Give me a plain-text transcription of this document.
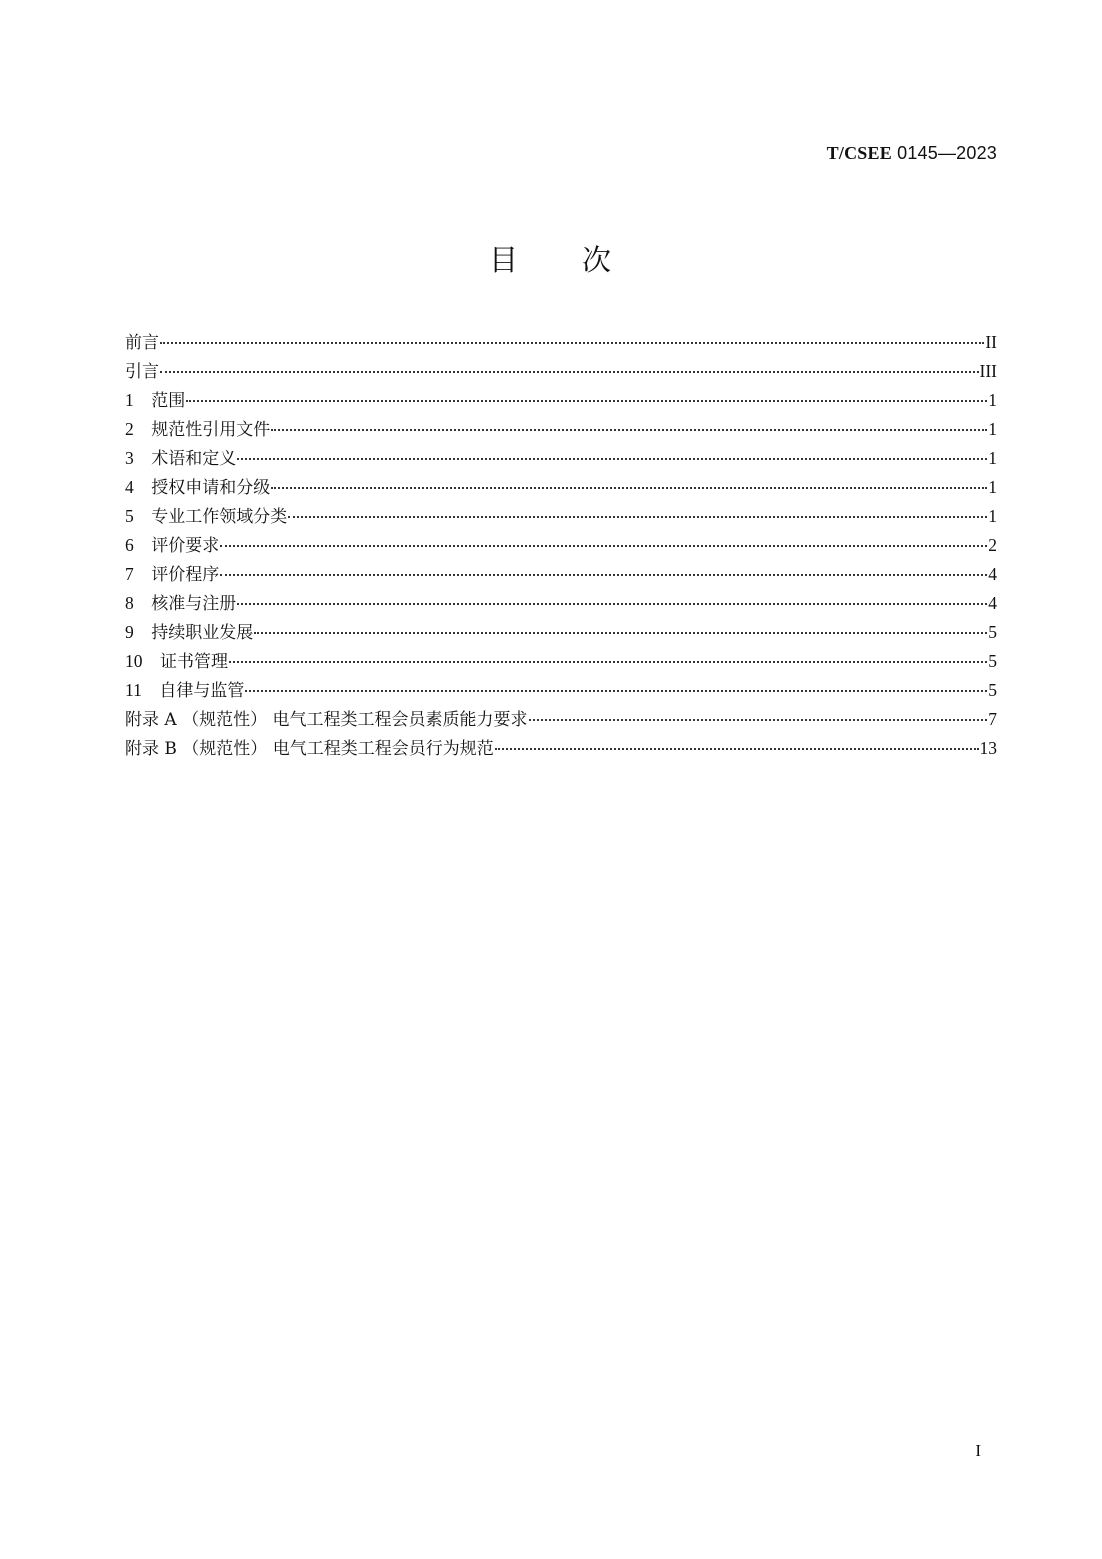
T/CSEE 0145—2023
目　　次
前言	II
引言	III
1　 范围	1
2　 规范性引用文件	1
3　 术语和定义	1
4　 授权申请和分级	1
5　 专业工作领域分类	1
6　 评价要求	2
7　 评价程序	4
8　 核准与注册	4
9　 持续职业发展	5
10　 证书管理	5
11　 自律与监管	5
附录 A （规范性） 电气工程类工程会员素质能力要求	7
附录 B （规范性） 电气工程类工程会员行为规范	13
I
